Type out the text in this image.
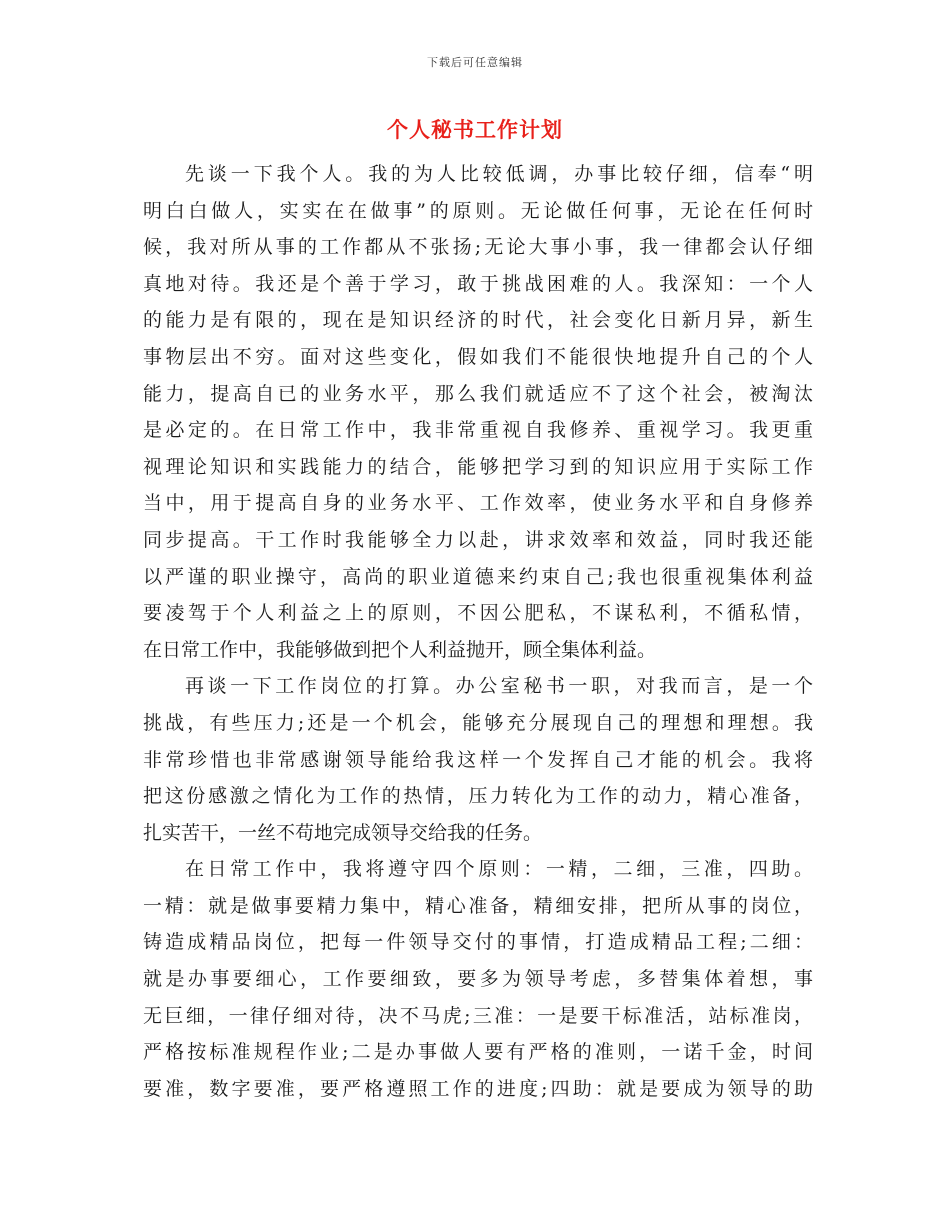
下载后可任意编辑
个人秘书工作计划
先谈一下我个人。我的为人比较低调，办事比较仔细，信奉“明
明白白做人，实实在在做事”的原则。无论做任何事，无论在任何时
候，我对所从事的工作都从不张扬;无论大事小事，我一律都会认仔细
真地对待。我还是个善于学习，敢于挑战困难的人。我深知：一个人
的能力是有限的，现在是知识经济的时代，社会变化日新月异，新生
事物层出不穷。面对这些变化，假如我们不能很快地提升自己的个人
能力，提高自已的业务水平，那么我们就适应不了这个社会，被淘汰
是必定的。在日常工作中，我非常重视自我修养、重视学习。我更重
视理论知识和实践能力的结合，能够把学习到的知识应用于实际工作
当中，用于提高自身的业务水平、工作效率，使业务水平和自身修养
同步提高。干工作时我能够全力以赴，讲求效率和效益，同时我还能
以严谨的职业操守，高尚的职业道德来约束自己;我也很重视集体利益
要凌驾于个人利益之上的原则，不因公肥私，不谋私利，不循私情，
在日常工作中，我能够做到把个人利益抛开，顾全集体利益。
再谈一下工作岗位的打算。办公室秘书一职，对我而言，是一个
挑战，有些压力;还是一个机会，能够充分展现自己的理想和理想。我
非常珍惜也非常感谢领导能给我这样一个发挥自己才能的机会。我将
把这份感激之情化为工作的热情，压力转化为工作的动力，精心准备，
扎实苦干，一丝不苟地完成领导交给我的任务。
在日常工作中，我将遵守四个原则：一精，二细，三准，四助。
一精：就是做事要精力集中，精心准备，精细安排，把所从事的岗位，
铸造成精品岗位，把每一件领导交付的事情，打造成精品工程;二细：
就是办事要细心，工作要细致，要多为领导考虑，多替集体着想，事
无巨细，一律仔细对待，决不马虎;三准：一是要干标准活，站标准岗，
严格按标准规程作业;二是办事做人要有严格的准则，一诺千金，时间
要准，数字要准，要严格遵照工作的进度;四助：就是要成为领导的助
